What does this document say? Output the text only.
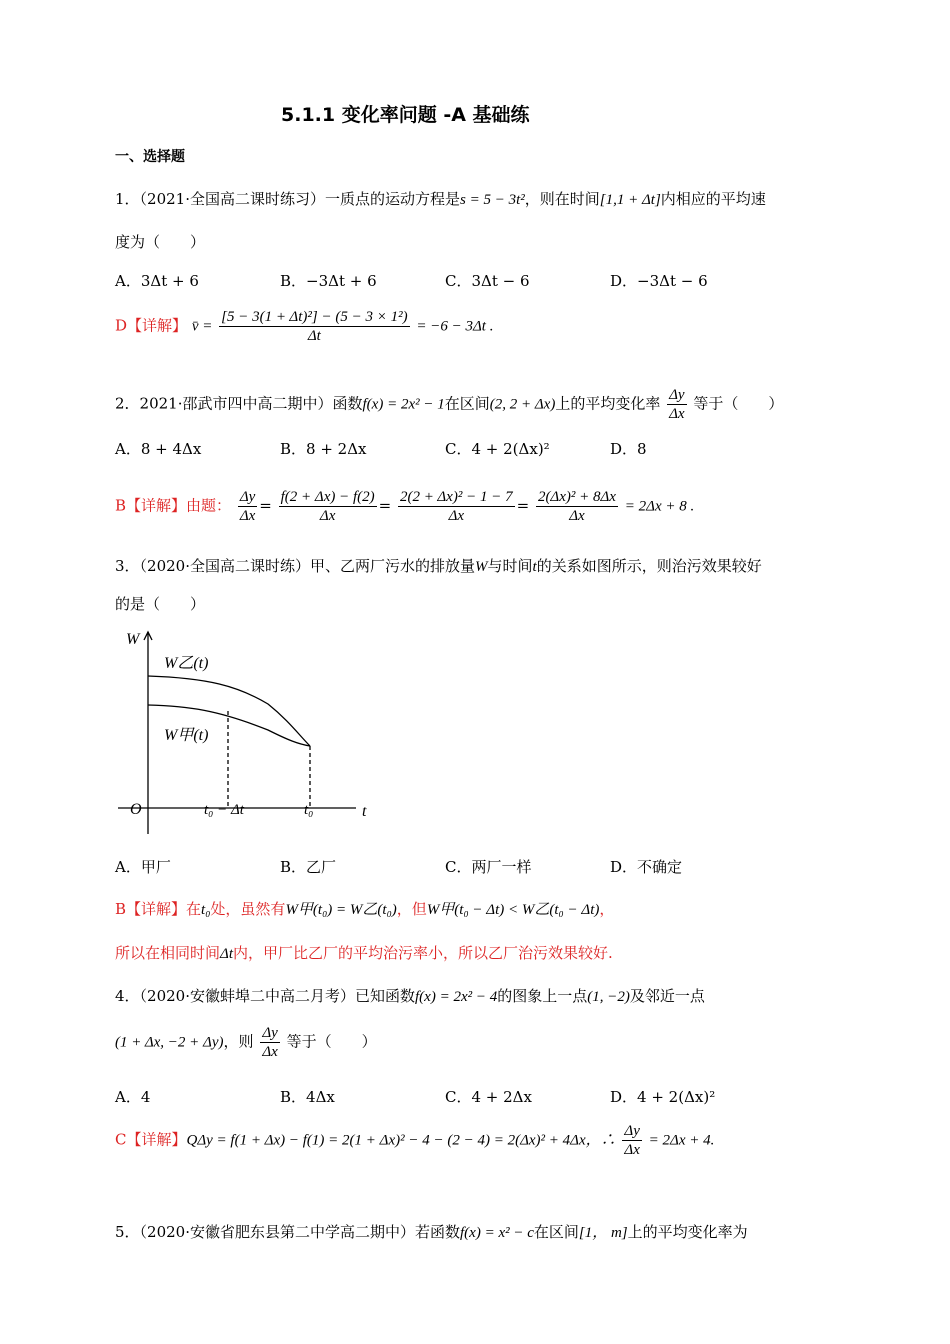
5.1.1 变化率问题 -A 基础练
一、选择题
1．（2021·全国高二课时练习）一质点的运动方程是s = 5 − 3t²，则在时间[1,1 + Δt]内相应的平均速
度为（　　）
A．3Δt + 6	B．−3Δt + 6	C．3Δt − 6	D．−3Δt − 6
D【详解】 v̄ = $\frac{\text{[5 − 3(1 + Δt)²] − (5 − 3 × 1²)}}{\Delta t} = -6 - 3\Delta t$ .
2．2021·邵武市四中高二期中）函数f(x) = 2x² − 1在区间(2, 2 + Δx)上的平均变化率 $\frac{\Delta y}{\Delta x}$ 等于（　　）
A．8 + 4Δx	B．8 + 2Δx	C．4 + 2(Δx)²	D．8
B【详解】由题： $\frac{\Delta y}{\Delta x} = \frac{f(2 + \Delta x) - f(2)}{\Delta x} = \frac{\text{2(2 + Δx)² − 1 − 7}}{\Delta x} = \frac{\text{2(Δx)² + 8Δx}}{\Delta x} = 2\Delta x + 8$ .
3．（2020·全国高二课时练）甲、乙两厂污水的排放量W与时间t的关系如图所示，则治污效果较好
的是（　　）
W
t
O
W乙(t)
W甲(t)
t₀ − Δt	t₀
A．甲厂	B．乙厂	C．两厂一样	D．不确定
B【详解】在t₀处，虽然有W甲(t₀) = W乙(t₀)，但W甲(t₀ − Δt) < W乙(t₀ − Δt)，
所以在相同时间Δt内，甲厂比乙厂的平均治污率小，所以乙厂治污效果较好.
4．（2020·安徽蚌埠二中高二月考）已知函数f(x) = 2x² − 4的图象上一点(1, −2)及邻近一点
(1 + Δx, −2 + Δy)，则 $\frac{\Delta y}{\Delta x}$ 等于（　　）
A．4	B．4Δx	C．4 + 2Δx	D．4 + 2(Δx)²
C【详解】QΔy = f(1 + Δx) − f(1) = 2(1 + Δx)² − 4 − (2 − 4) = 2(Δx)² + 4Δx，∴ $\frac{\Delta y}{\Delta x} = 2\Delta x + 4$.
5．（2020·安徽省肥东县第二中学高二期中）若函数f(x) = x² − c在区间[1， m]上的平均变化率为
